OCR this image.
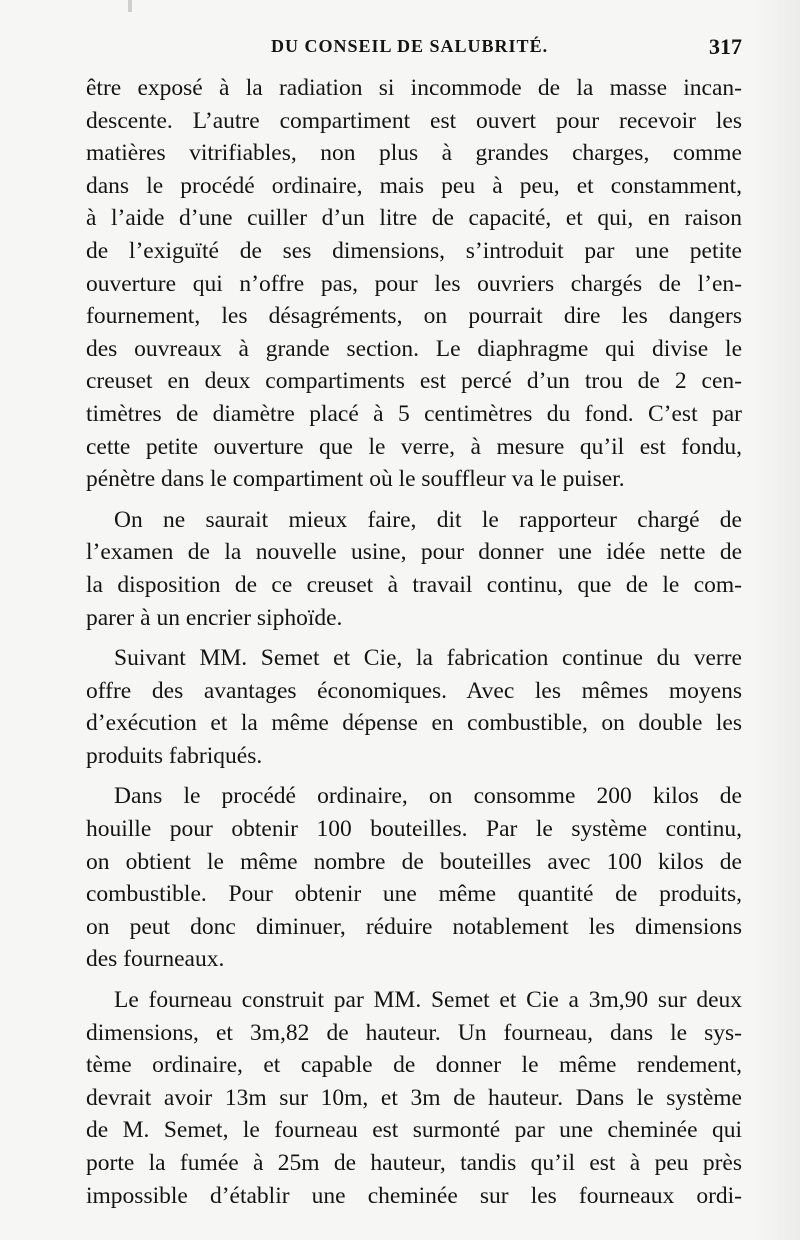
DU CONSEIL DE SALUBRITÉ.	317
être exposé à la radiation si incommode de la masse incan-
descente. L’autre compartiment est ouvert pour recevoir les
matières vitrifiables, non plus à grandes charges, comme
dans le procédé ordinaire, mais peu à peu, et constamment,
à l’aide d’une cuiller d’un litre de capacité, et qui, en raison
de l’exiguïté de ses dimensions, s’introduit par une petite
ouverture qui n’offre pas, pour les ouvriers chargés de l’en-
fournement, les désagréments, on pourrait dire les dangers
des ouvreaux à grande section. Le diaphragme qui divise le
creuset en deux compartiments est percé d’un trou de 2 cen-
timètres de diamètre placé à 5 centimètres du fond. C’est par
cette petite ouverture que le verre, à mesure qu’il est fondu,
pénètre dans le compartiment où le souffleur va le puiser.
On ne saurait mieux faire, dit le rapporteur chargé de
l’examen de la nouvelle usine, pour donner une idée nette de
la disposition de ce creuset à travail continu, que de le com-
parer à un encrier siphoïde.
Suivant MM. Semet et Cie, la fabrication continue du verre
offre des avantages économiques. Avec les mêmes moyens
d’exécution et la même dépense en combustible, on double les
produits fabriqués.
Dans le procédé ordinaire, on consomme 200 kilos de
houille pour obtenir 100 bouteilles. Par le système continu,
on obtient le même nombre de bouteilles avec 100 kilos de
combustible. Pour obtenir une même quantité de produits,
on peut donc diminuer, réduire notablement les dimensions
des fourneaux.
Le fourneau construit par MM. Semet et Cie a 3m,90 sur deux
dimensions, et 3m,82 de hauteur. Un fourneau, dans le sys-
tème ordinaire, et capable de donner le même rendement,
devrait avoir 13m sur 10m, et 3m de hauteur. Dans le système
de M. Semet, le fourneau est surmonté par une cheminée qui
porte la fumée à 25m de hauteur, tandis qu’il est à peu près
impossible d’établir une cheminée sur les fourneaux ordi-
